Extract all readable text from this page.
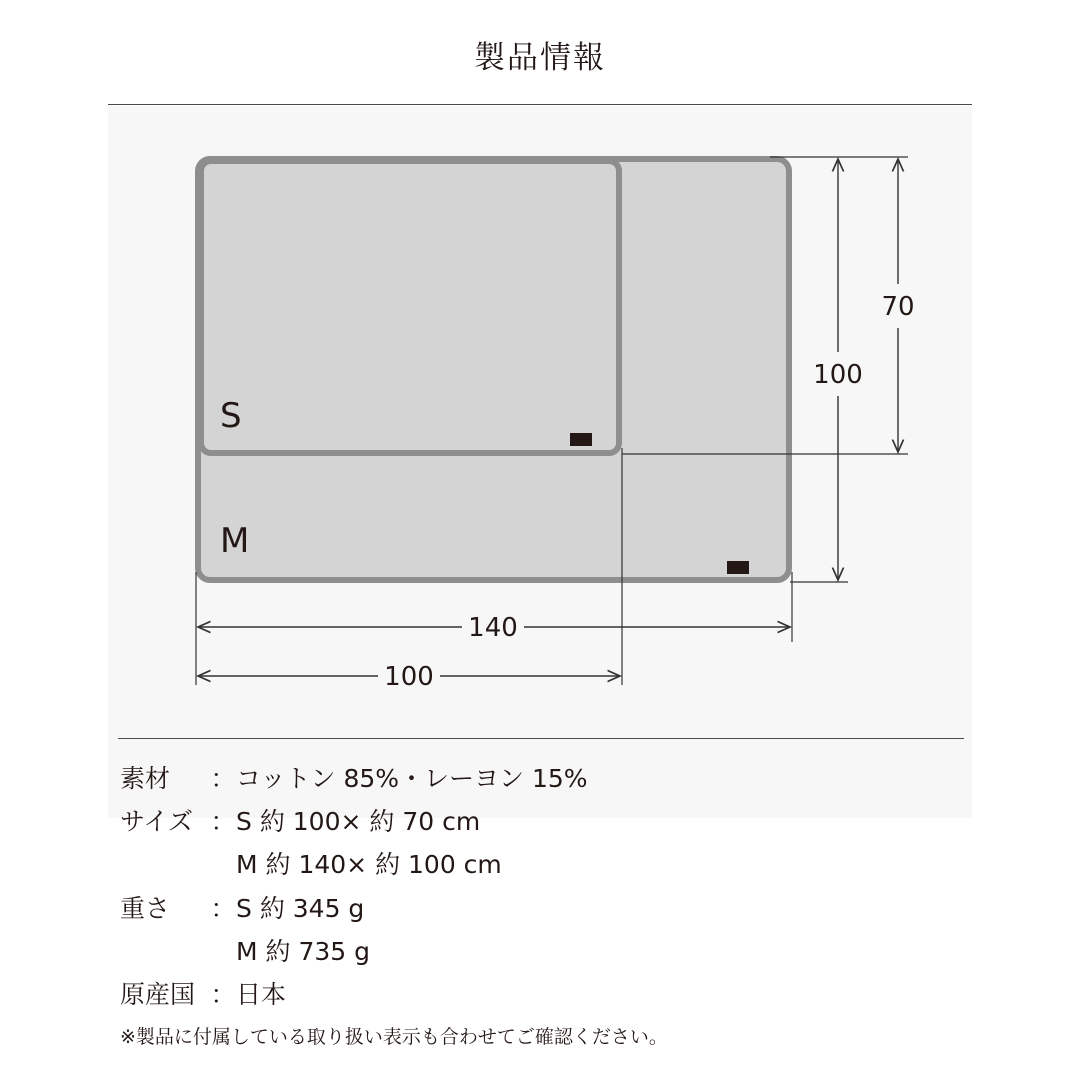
製品情報
S
M
140
100
100
70
素材 ：コットン 85%・レーヨン 15%
サイズ ：S 約 100× 約 70 cm
M 約 140× 約 100 cm
重さ ：S 約 345 g
M 約 735 g
原産国 ：日本
※製品に付属している取り扱い表示も合わせてご確認ください。
